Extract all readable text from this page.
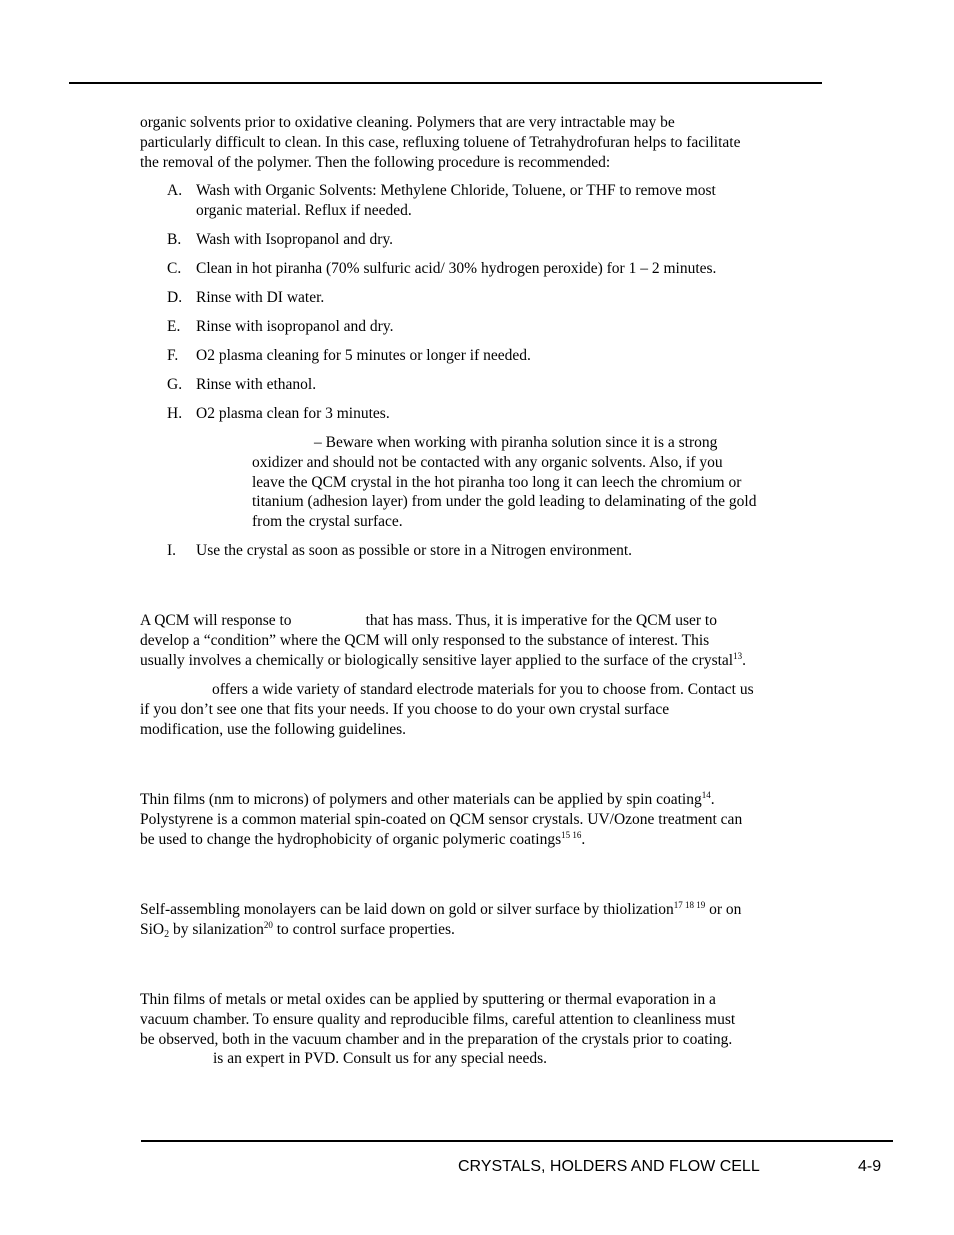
organic solvents prior to oxidative cleaning. Polymers that are very intractable may be
particularly difficult to clean. In this case, refluxing toluene of Tetrahydrofuran helps to facilitate
the removal of the polymer. Then the following procedure is recommended:

A. Wash with Organic Solvents: Methylene Chloride, Toluene, or THF to remove most
organic material. Reflux if needed.
B. Wash with Isopropanol and dry.
C. Clean in hot piranha (70% sulfuric acid/ 30% hydrogen peroxide) for 1 – 2 minutes.
D. Rinse with DI water.
E.	Rinse with isopropanol and dry.
F.	O2 plasma cleaning for 5 minutes or longer if needed.
G. Rinse with ethanol.
H. O2 plasma clean for 3 minutes.

– Beware when working with piranha solution since it is a strong
oxidizer and should not be contacted with any organic solvents. Also, if you
leave the QCM crystal in the hot piranha too long it can leech the chromium or
titanium (adhesion layer) from under the gold leading to delaminating of the gold
from the crystal surface.

I.	Use the crystal as soon as possible or store in a Nitrogen environment.

A QCM will response to	that has mass. Thus, it is imperative for the QCM user to
develop a “condition” where the QCM will only responsed to the substance of interest. This
usually involves a chemically or biologically sensitive layer applied to the surface of the crystal$^{13}$.

offers a wide variety of standard electrode materials for you to choose from. Contact us
if you don’t see one that fits your needs. If you choose to do your own crystal surface
modification, use the following guidelines.

Thin films (nm to microns) of polymers and other materials can be applied by spin coating$^{14}$.
Polystyrene is a common material spin-coated on QCM sensor crystals. UV/Ozone treatment can
be used to change the hydrophobicity of organic polymeric coatings$^{15 16}$.

Self-assembling monolayers can be laid down on gold or silver surface by thiolization$^{17 18 19}$ or on
SiO$_2$ by silanization$^{20}$ to control surface properties.

Thin films of metals or metal oxides can be applied by sputtering or thermal evaporation in a
vacuum chamber. To ensure quality and reproducible films, careful attention to cleanliness must
be observed, both in the vacuum chamber and in the preparation of the crystals prior to coating.
is an expert in PVD. Consult us for any special needs.

CRYSTALS, HOLDERS AND FLOW CELL	4-9
